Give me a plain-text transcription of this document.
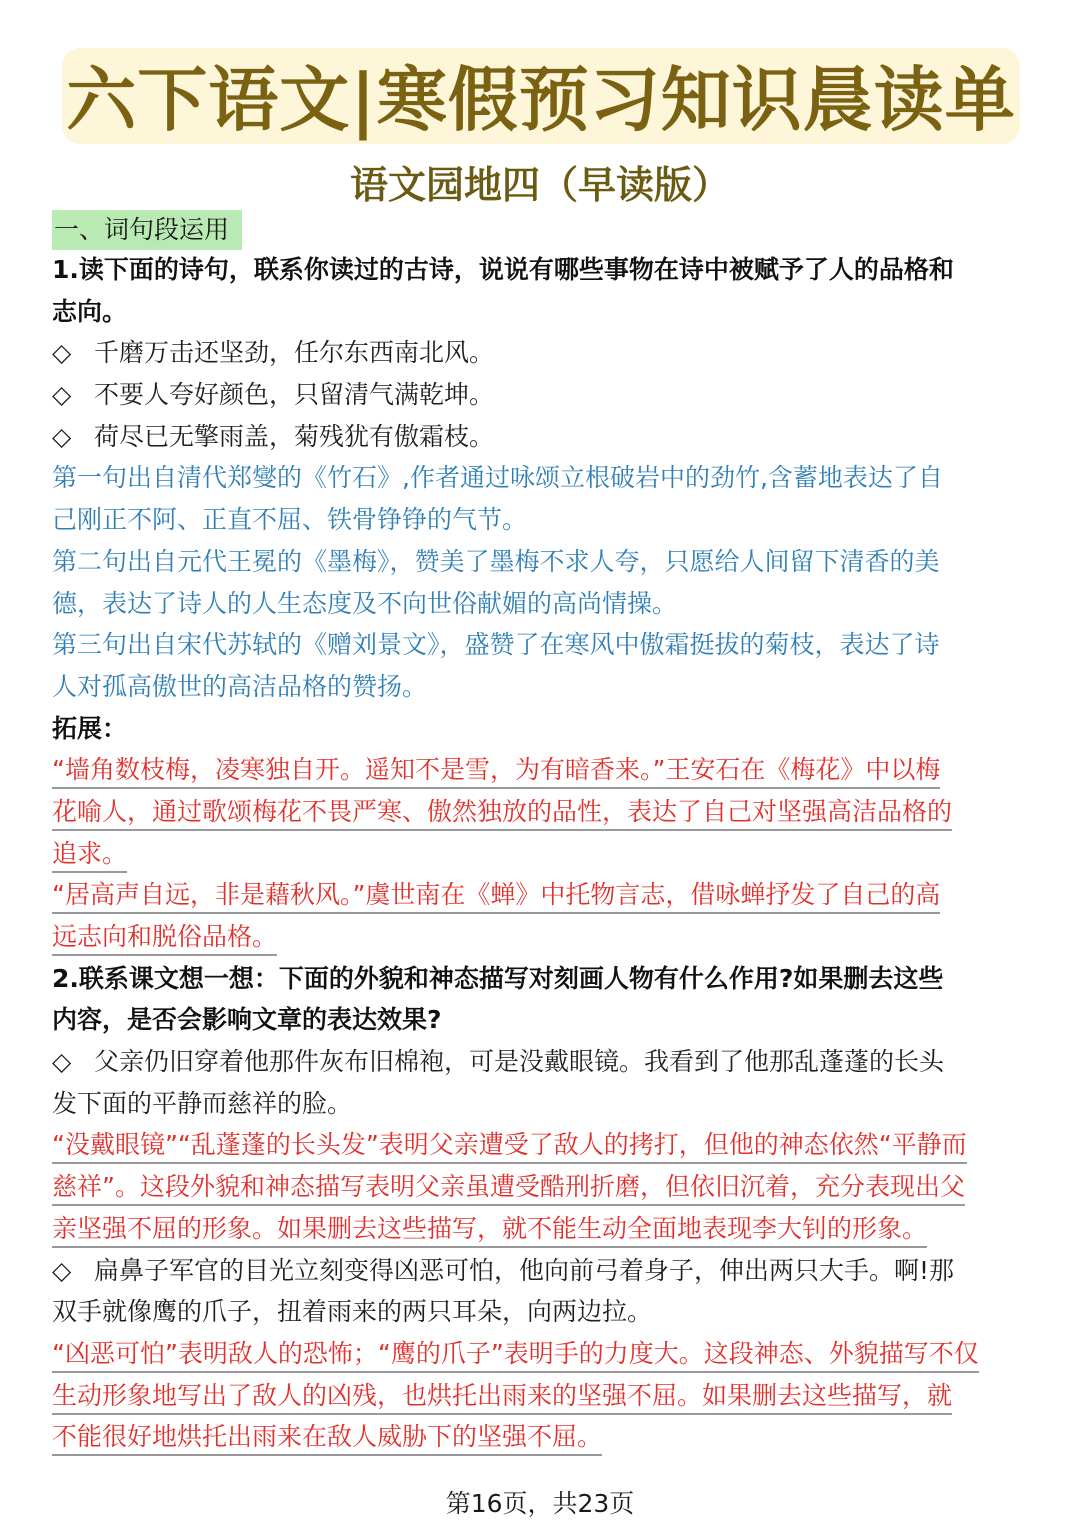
六下语文|寒假预习知识晨读单
语文园地四（早读版）
一、词句段运用
1.读下面的诗句，联系你读过的古诗，说说有哪些事物在诗中被赋予了人的品格和
志向。
◇ 千磨万击还坚劲，任尔东西南北风。
◇ 不要人夸好颜色，只留清气满乾坤。
◇ 荷尽已无擎雨盖，菊残犹有傲霜枝。
第一句出自清代郑燮的《竹石》,作者通过咏颂立根破岩中的劲竹,含蓄地表达了自
己刚正不阿、正直不屈、铁骨铮铮的气节。
第二句出自元代王冕的《墨梅》，赞美了墨梅不求人夸，只愿给人间留下清香的美
德，表达了诗人的人生态度及不向世俗献媚的高尚情操。
第三句出自宋代苏轼的《赠刘景文》，盛赞了在寒风中傲霜挺拔的菊枝，表达了诗
人对孤高傲世的高洁品格的赞扬。
拓展：
“墙角数枝梅，凌寒独自开。遥知不是雪，为有暗香来。”王安石在《梅花》中以梅
花喻人，通过歌颂梅花不畏严寒、傲然独放的品性，表达了自己对坚强高洁品格的
追求。
“居高声自远，非是藉秋风。”虞世南在《蝉》中托物言志，借咏蝉抒发了自己的高
远志向和脱俗品格。
2.联系课文想一想：下面的外貌和神态描写对刻画人物有什么作用?如果删去这些
内容，是否会影响文章的表达效果?
◇ 父亲仍旧穿着他那件灰布旧棉袍，可是没戴眼镜。我看到了他那乱蓬蓬的长头
发下面的平静而慈祥的脸。
“没戴眼镜”“乱蓬蓬的长头发”表明父亲遭受了敌人的拷打，但他的神态依然“平静而
慈祥”。这段外貌和神态描写表明父亲虽遭受酷刑折磨，但依旧沉着，充分表现出父
亲坚强不屈的形象。如果删去这些描写，就不能生动全面地表现李大钊的形象。
◇ 扁鼻子军官的目光立刻变得凶恶可怕，他向前弓着身子，伸出两只大手。啊!那
双手就像鹰的爪子，扭着雨来的两只耳朵，向两边拉。
“凶恶可怕”表明敌人的恐怖；“鹰的爪子”表明手的力度大。这段神态、外貌描写不仅
生动形象地写出了敌人的凶残，也烘托出雨来的坚强不屈。如果删去这些描写，就
不能很好地烘托出雨来在敌人威胁下的坚强不屈。
第16页，共23页
